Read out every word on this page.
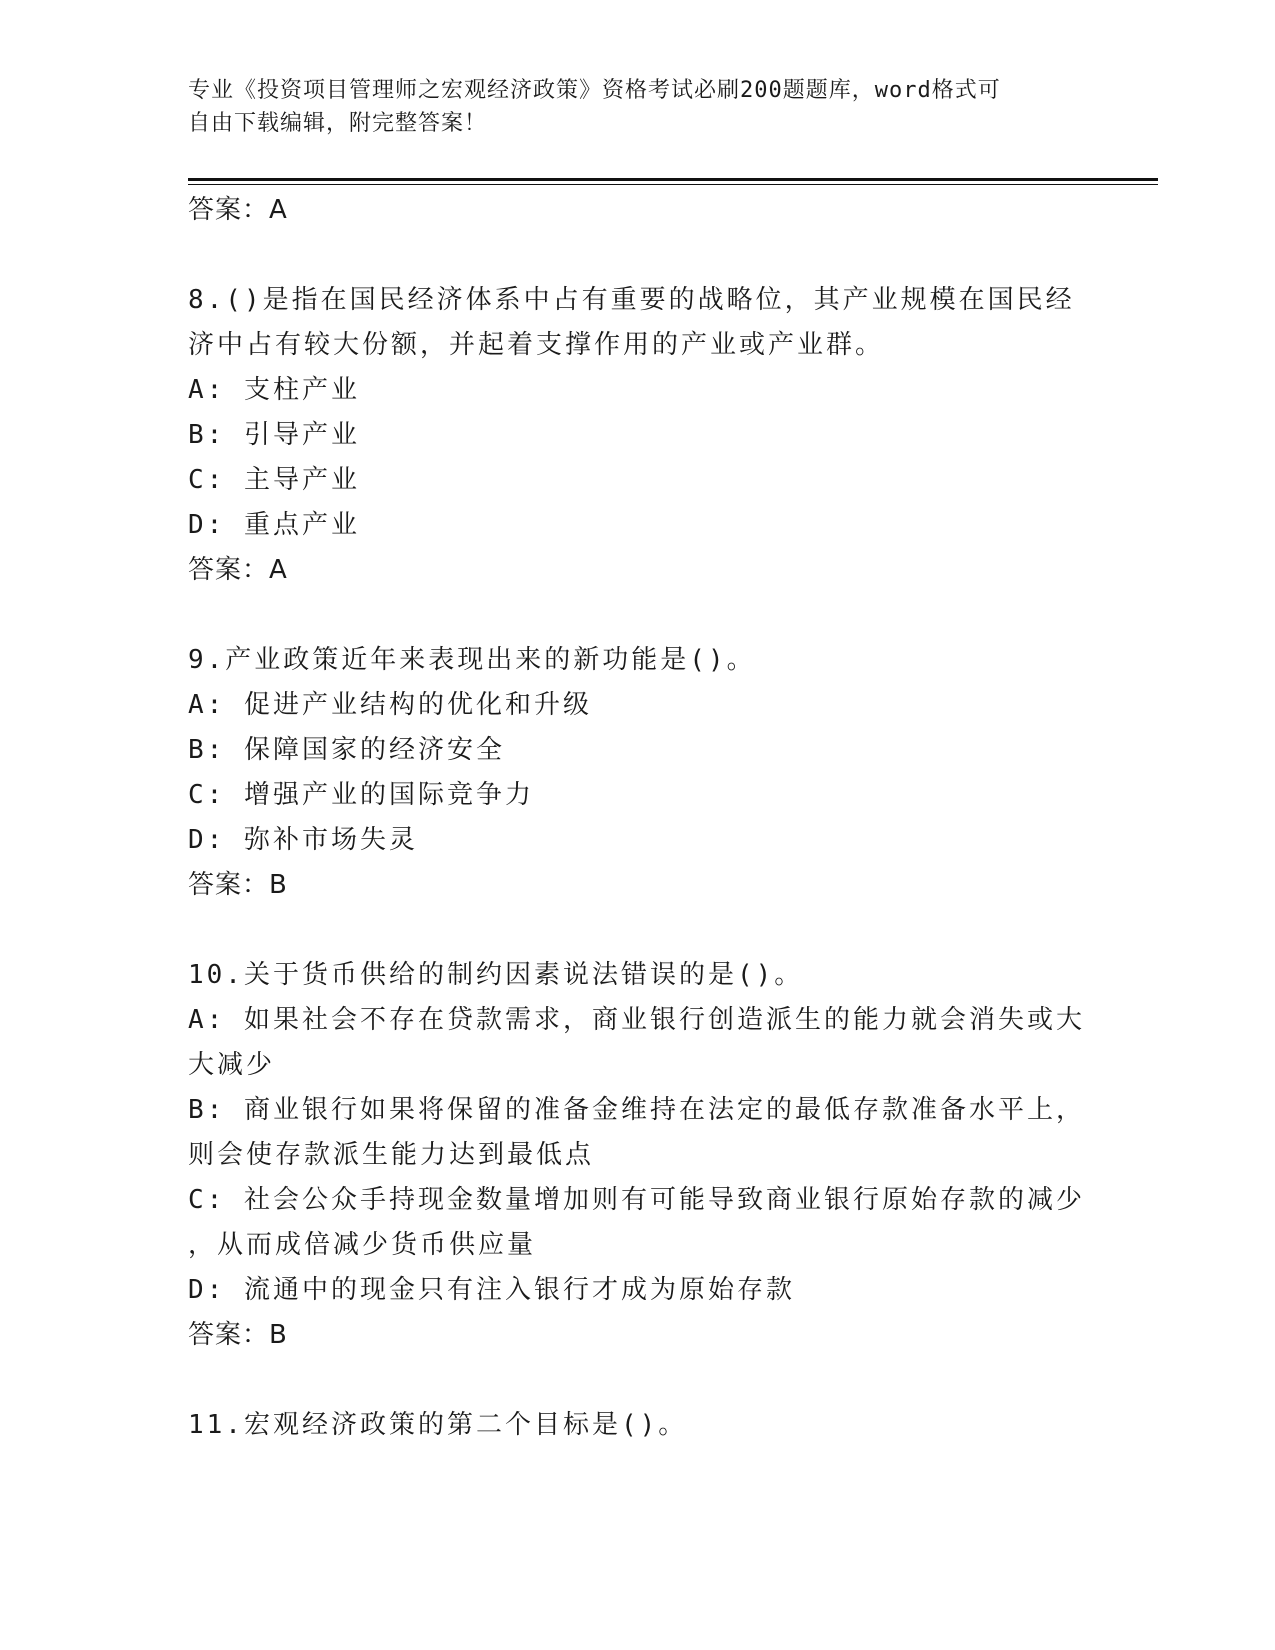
专业《投资项目管理师之宏观经济政策》资格考试必刷200题题库，word格式可
自由下载编辑，附完整答案！
答案：A
8.()是指在国民经济体系中占有重要的战略位，其产业规模在国民经
济中占有较大份额，并起着支撑作用的产业或产业群。
A: 支柱产业
B: 引导产业
C: 主导产业
D: 重点产业
答案：A
9.产业政策近年来表现出来的新功能是()。
A: 促进产业结构的优化和升级
B: 保障国家的经济安全
C: 增强产业的国际竞争力
D: 弥补市场失灵
答案：B
10.关于货币供给的制约因素说法错误的是()。
A: 如果社会不存在贷款需求，商业银行创造派生的能力就会消失或大
大减少
B: 商业银行如果将保留的准备金维持在法定的最低存款准备水平上，
则会使存款派生能力达到最低点
C: 社会公众手持现金数量增加则有可能导致商业银行原始存款的减少
，从而成倍减少货币供应量
D: 流通中的现金只有注入银行才成为原始存款
答案：B
11.宏观经济政策的第二个目标是()。
